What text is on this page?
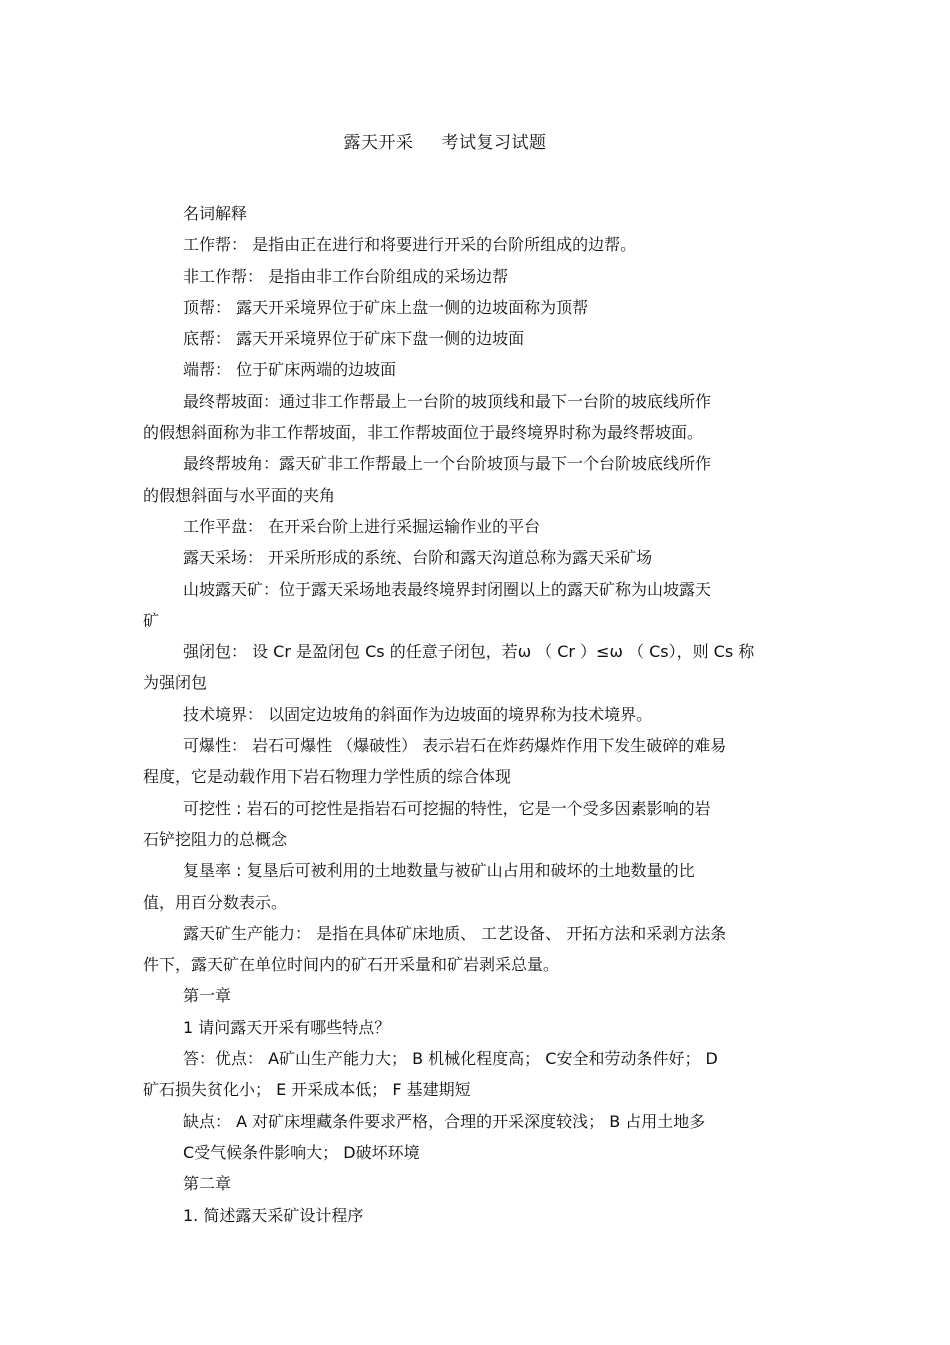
露天开采 考试复习试题
名词解释
工作帮： 是指由正在进行和将要进行开采的台阶所组成的边帮。
非工作帮： 是指由非工作台阶组成的采场边帮
顶帮： 露天开采境界位于矿床上盘一侧的边坡面称为顶帮
底帮： 露天开采境界位于矿床下盘一侧的边坡面
端帮： 位于矿床两端的边坡面
最终帮坡面：通过非工作帮最上一台阶的坡顶线和最下一台阶的坡底线所作
的假想斜面称为非工作帮坡面，非工作帮坡面位于最终境界时称为最终帮坡面。
最终帮坡角：露天矿非工作帮最上一个台阶坡顶与最下一个台阶坡底线所作
的假想斜面与水平面的夹角
工作平盘： 在开采台阶上进行采掘运输作业的平台
露天采场： 开采所形成的系统、台阶和露天沟道总称为露天采矿场
山坡露天矿：位于露天采场地表最终境界封闭圈以上的露天矿称为山坡露天
矿
强闭包： 设 Cr 是盈闭包 Cs 的任意子闭包，若ω （ Cr ）≤ω （ Cs），则 Cs 称
为强闭包
技术境界： 以固定边坡角的斜面作为边坡面的境界称为技术境界。
可爆性： 岩石可爆性 （爆破性） 表示岩石在炸药爆炸作用下发生破碎的难易
程度，它是动载作用下岩石物理力学性质的综合体现
可挖性 : 岩石的可挖性是指岩石可挖掘的特性，它是一个受多因素影响的岩
石铲挖阻力的总概念
复垦率 : 复垦后可被利用的土地数量与被矿山占用和破坏的土地数量的比
值，用百分数表示。
露天矿生产能力： 是指在具体矿床地质、 工艺设备、 开拓方法和采剥方法条
件下，露天矿在单位时间内的矿石开采量和矿岩剥采总量。
第一章
1 请问露天开采有哪些特点？
答：优点： A矿山生产能力大； B 机械化程度高； C安全和劳动条件好； D
矿石损失贫化小； E 开采成本低； F 基建期短
缺点： A 对矿床埋藏条件要求严格，合理的开采深度较浅； B 占用土地多
C受气候条件影响大； D破坏环境
第二章
1. 简述露天采矿设计程序
